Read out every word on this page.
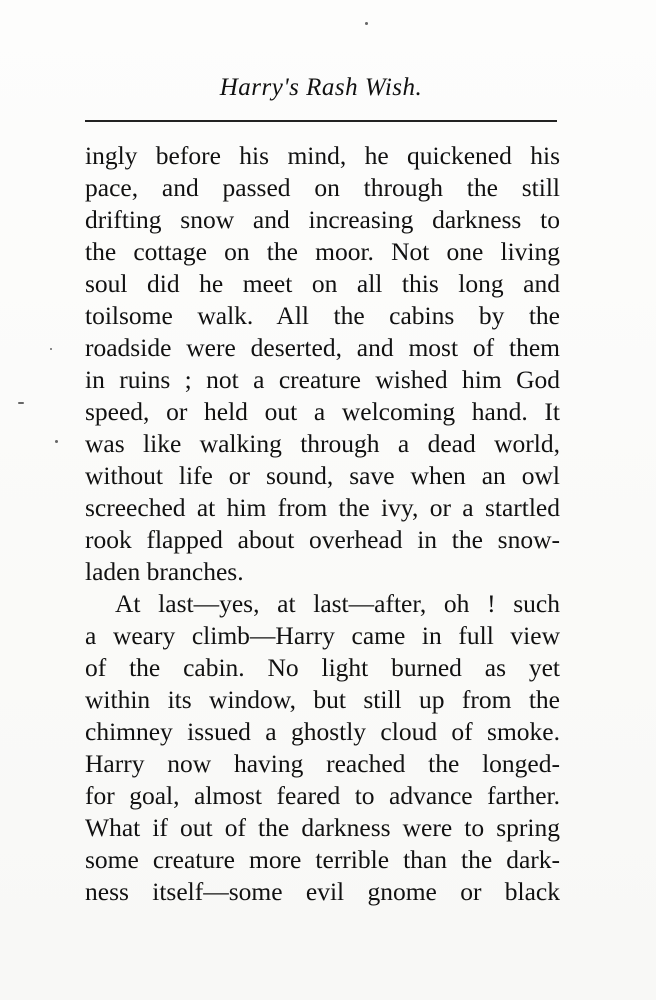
Harry's Rash Wish.
ingly before his mind, he quickened his
pace, and passed on through the still
drifting snow and increasing darkness to
the cottage on the moor. Not one living
soul did he meet on all this long and
toilsome walk. All the cabins by the
roadside were deserted, and most of them
in ruins ; not a creature wished him God
speed, or held out a welcoming hand. It
was like walking through a dead world,
without life or sound, save when an owl
screeched at him from the ivy, or a startled
rook flapped about overhead in the snow-
laden branches.
At last—yes, at last—after, oh ! such
a weary climb—Harry came in full view
of the cabin. No light burned as yet
within its window, but still up from the
chimney issued a ghostly cloud of smoke.
Harry now having reached the longed-
for goal, almost feared to advance farther.
What if out of the darkness were to spring
some creature more terrible than the dark-
ness itself—some evil gnome or black
